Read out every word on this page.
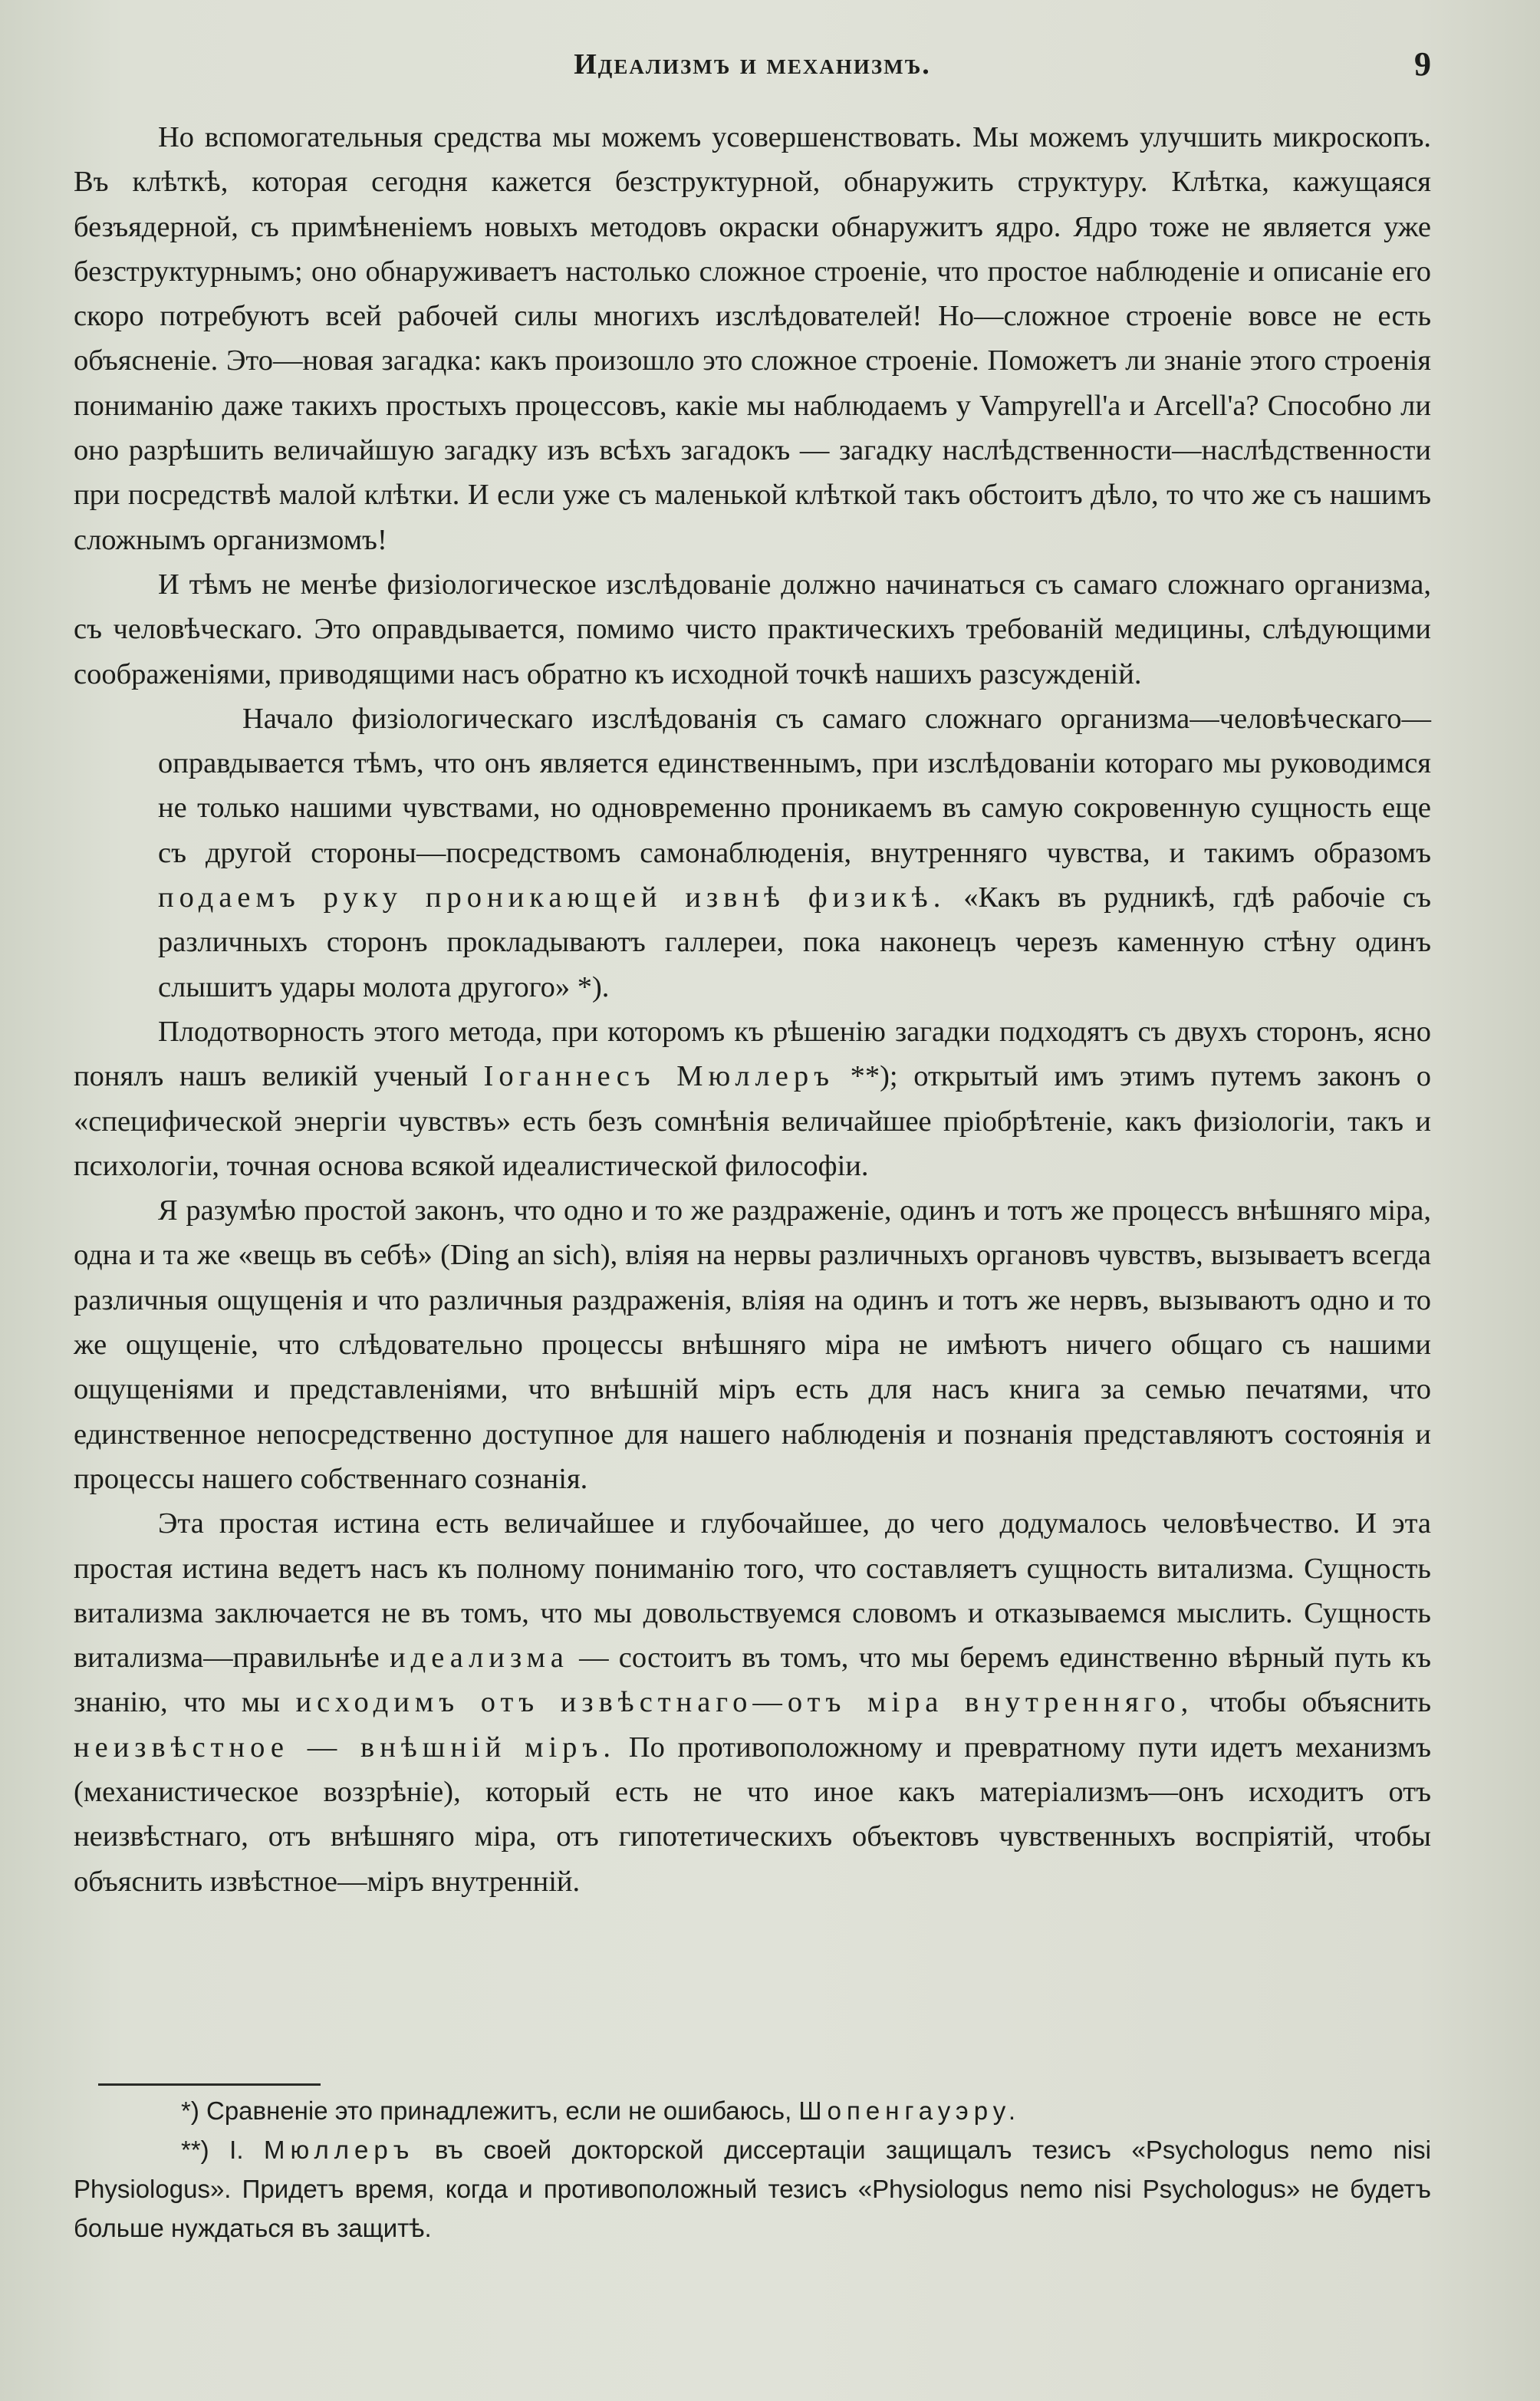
Идеализмъ и механизмъ.	9

Но вспомогательныя средства мы можемъ усовершенствовать. Мы можемъ улучшить микроскопъ. Въ клѣткѣ, которая сегодня кажется безструктурной, обнаружить структуру. Клѣтка, кажущаяся безъядерной, съ примѣненіемъ новыхъ методовъ окраски обнаружитъ ядро. Ядро тоже не является уже безструктурнымъ; оно обнаруживаетъ настолько сложное строеніе, что простое наблюденіе и описаніе его скоро потребуютъ всей рабочей силы многихъ изслѣдователей! Но—сложное строеніе вовсе не есть объясненіе. Это—новая загадка: какъ произошло это сложное строеніе. Поможетъ ли знаніе этого строенія пониманію даже такихъ простыхъ процессовъ, какіе мы наблюдаемъ у Vampyrell'а и Arcell'а? Способно ли оно разрѣшить величайшую загадку изъ всѣхъ загадокъ — загадку наслѣдственности—наслѣдственности при посредствѣ малой клѣтки. И если уже съ маленькой клѣткой такъ обстоитъ дѣло, то что же съ нашимъ сложнымъ организмомъ!

И тѣмъ не менѣе физіологическое изслѣдованіе должно начинаться съ самаго сложнаго организма, съ человѣческаго. Это оправдывается, помимо чисто практическихъ требованій медицины, слѣдующими соображеніями, приводящими насъ обратно къ исходной точкѣ нашихъ разсужденій.

Начало физіологическаго изслѣдованія съ самаго сложнаго организма—человѣческаго—оправдывается тѣмъ, что онъ является единственнымъ, при изслѣдованіи котораго мы руководимся не только нашими чувствами, но одновременно проникаемъ въ самую сокровенную сущность еще съ другой стороны—посредствомъ самонаблюденія, внутренняго чувства, и такимъ образомъ подаемъ руку проникающей извнѣ физикѣ. «Какъ въ рудникѣ, гдѣ рабочіе съ различныхъ сторонъ прокладываютъ галлереи, пока наконецъ черезъ каменную стѣну одинъ слышитъ удары молота другого» *).

Плодотворность этого метода, при которомъ къ рѣшенію загадки подходятъ съ двухъ сторонъ, ясно понялъ нашъ великій ученый Іоганнесъ Мюллеръ **); открытый имъ этимъ путемъ законъ о «специфической энергіи чувствъ» есть безъ сомнѣнія величайшее пріобрѣтеніе, какъ физіологіи, такъ и психологіи, точная основа всякой идеалистической философіи.

Я разумѣю простой законъ, что одно и то же раздраженіе, одинъ и тотъ же процессъ внѣшняго міра, одна и та же «вещь въ себѣ» (Ding an sich), вліяя на нервы различныхъ органовъ чувствъ, вызываетъ всегда различныя ощущенія и что различныя раздраженія, вліяя на одинъ и тотъ же нервъ, вызываютъ одно и то же ощущеніе, что слѣдовательно процессы внѣшняго міра не имѣютъ ничего общаго съ нашими ощущеніями и представленіями, что внѣшній міръ есть для насъ книга за семью печатями, что единственное непосредственно доступное для нашего наблюденія и познанія представляютъ состоянія и процессы нашего собственнаго сознанія.

Эта простая истина есть величайшее и глубочайшее, до чего додумалось человѣчество. И эта простая истина ведетъ насъ къ полному пониманію того, что составляетъ сущность витализма. Сущность витализма заключается не въ томъ, что мы довольствуемся словомъ и отказываемся мыслить. Сущность витализма—правильнѣе идеализма — состоитъ въ томъ, что мы беремъ единственно вѣрный путь къ знанію, что мы исходимъ отъ извѣстнаго—отъ міра внутренняго, чтобы объяснить неизвѣстное — внѣшній міръ. По противоположному и превратному пути идетъ механизмъ (механистическое воззрѣніе), который есть не что иное какъ матеріализмъ—онъ исходитъ отъ неизвѣстнаго, отъ внѣшняго міра, отъ гипотетическихъ объектовъ чувственныхъ воспріятій, чтобы объяснить извѣстное—міръ внутренній.

*) Сравненіе это принадлежитъ, если не ошибаюсь, Шопенгауэру.

**) І. Мюллеръ въ своей докторской диссертаціи защищалъ тезисъ «Psychologus nemo nisi Physiologus». Придетъ время, когда и противоположный тезисъ «Physiologus nemo nisi Psychologus» не будетъ больше нуждаться въ защитѣ.
